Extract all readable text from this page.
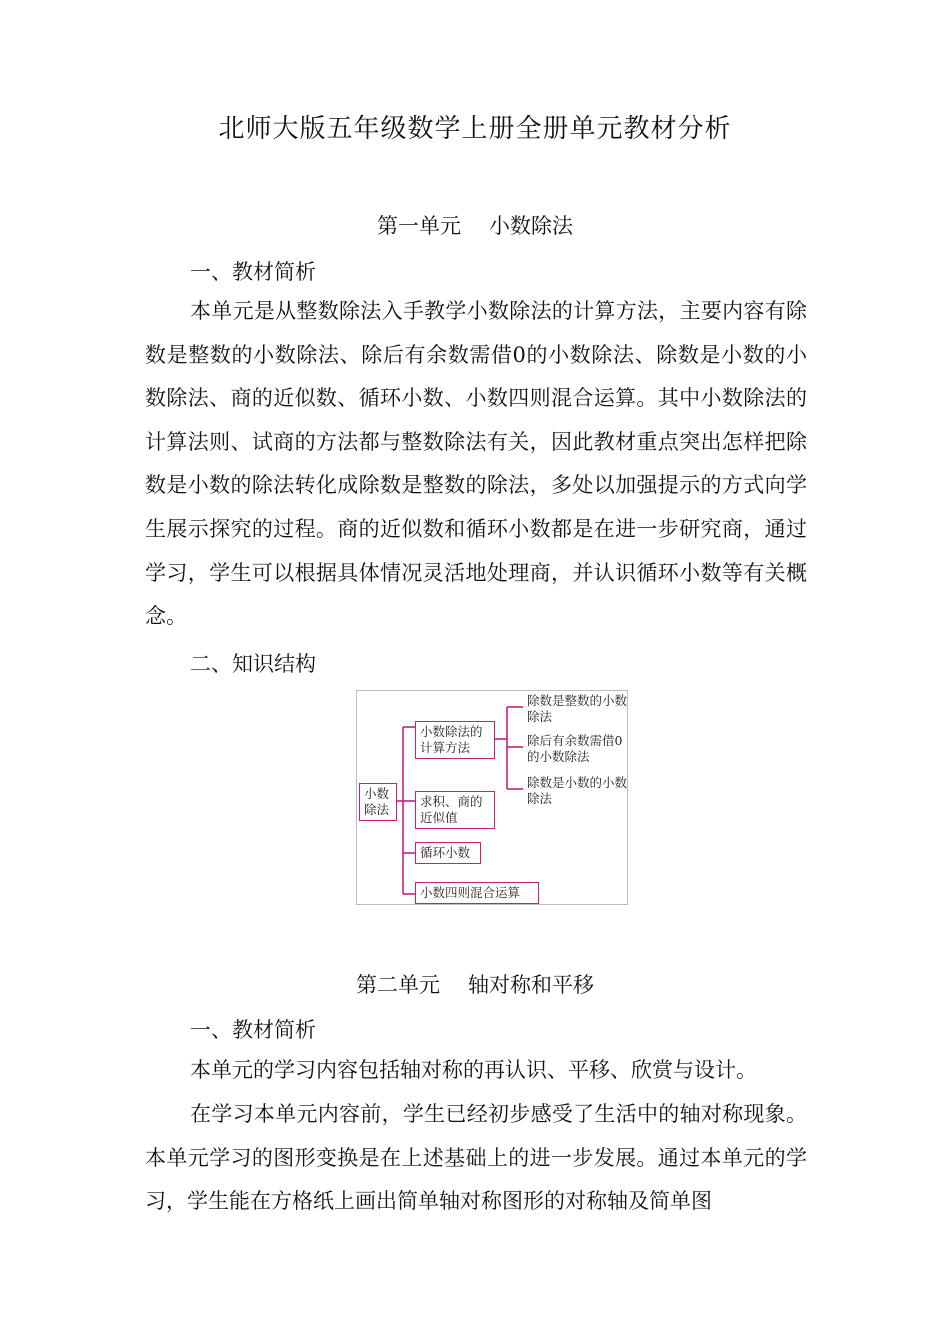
北师大版五年级数学上册全册单元教材分析
第一单元 小数除法
一、教材简析
本单元是从整数除法入手教学小数除法的计算方法，主要内容有除数是整数的小数除法、除后有余数需借0的小数除法、除数是小数的小数除法、商的近似数、循环小数、小数四则混合运算。其中小数除法的计算法则、试商的方法都与整数除法有关，因此教材重点突出怎样把除数是小数的除法转化成除数是整数的除法，多处以加强提示的方式向学生展示探究的过程。商的近似数和循环小数都是在进一步研究商，通过学习，学生可以根据具体情况灵活地处理商，并认识循环小数等有关概念。
二、知识结构
小数除法
小数除法的计算方法
求积、商的近似值
循环小数
小数四则混合运算
除数是整数的小数除法
除后有余数需借0的小数除法
除数是小数的小数除法
第二单元 轴对称和平移
一、教材简析
本单元的学习内容包括轴对称的再认识、平移、欣赏与设计。
在学习本单元内容前，学生已经初步感受了生活中的轴对称现象。本单元学习的图形变换是在上述基础上的进一步发展。通过本单元的学习，学生能在方格纸上画出简单轴对称图形的对称轴及简单图
